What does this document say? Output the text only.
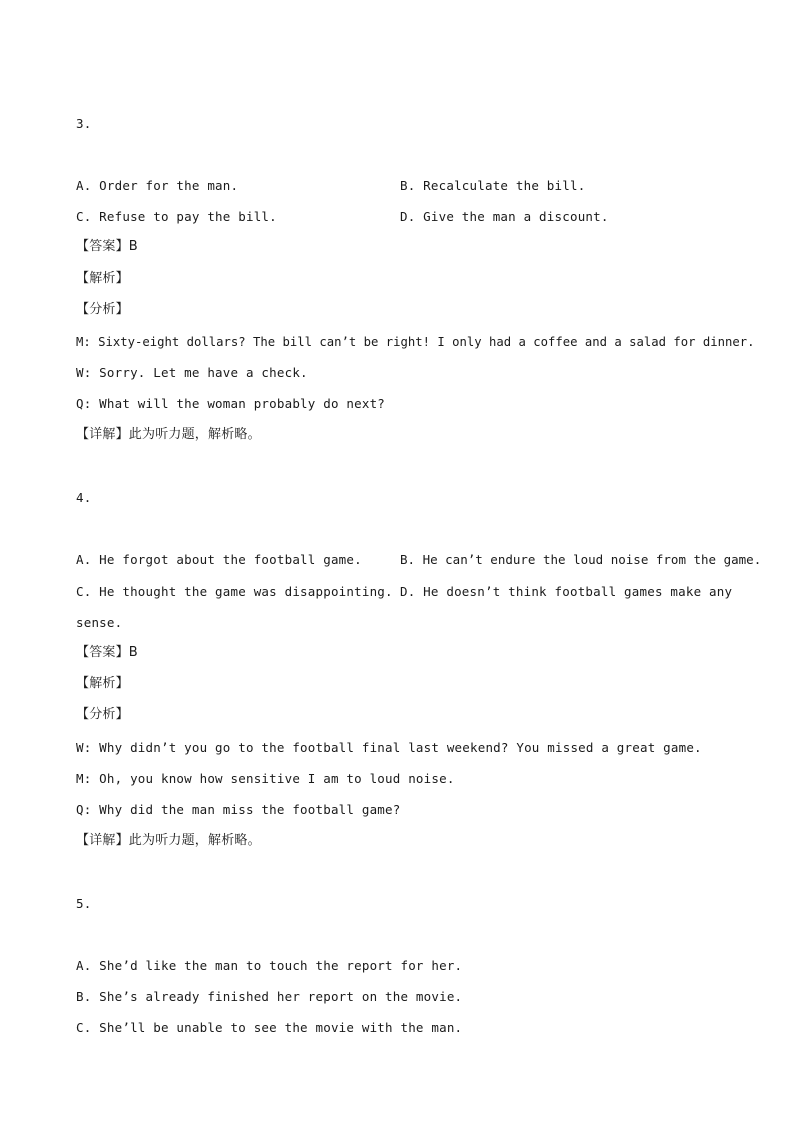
3.
A. Order for the man.	B. Recalculate the bill.
C. Refuse to pay the bill.	D. Give the man a discount.
【答案】B
【解析】
【分析】
M: Sixty-eight dollars? The bill can’t be right! I only had a coffee and a salad for dinner.
W: Sorry. Let me have a check.
Q: What will the woman probably do next?
【详解】此为听力题，解析略。
4.
A. He forgot about the football game.	B. He can’t endure the loud noise from the game.
C. He thought the game was disappointing. D. He doesn’t think football games make any
sense.
【答案】B
【解析】
【分析】
W: Why didn’t you go to the football final last weekend? You missed a great game.
M: Oh, you know how sensitive I am to loud noise.
Q: Why did the man miss the football game?
【详解】此为听力题，解析略。
5.
A. She’d like the man to touch the report for her.
B. She’s already finished her report on the movie.
C. She’ll be unable to see the movie with the man.
